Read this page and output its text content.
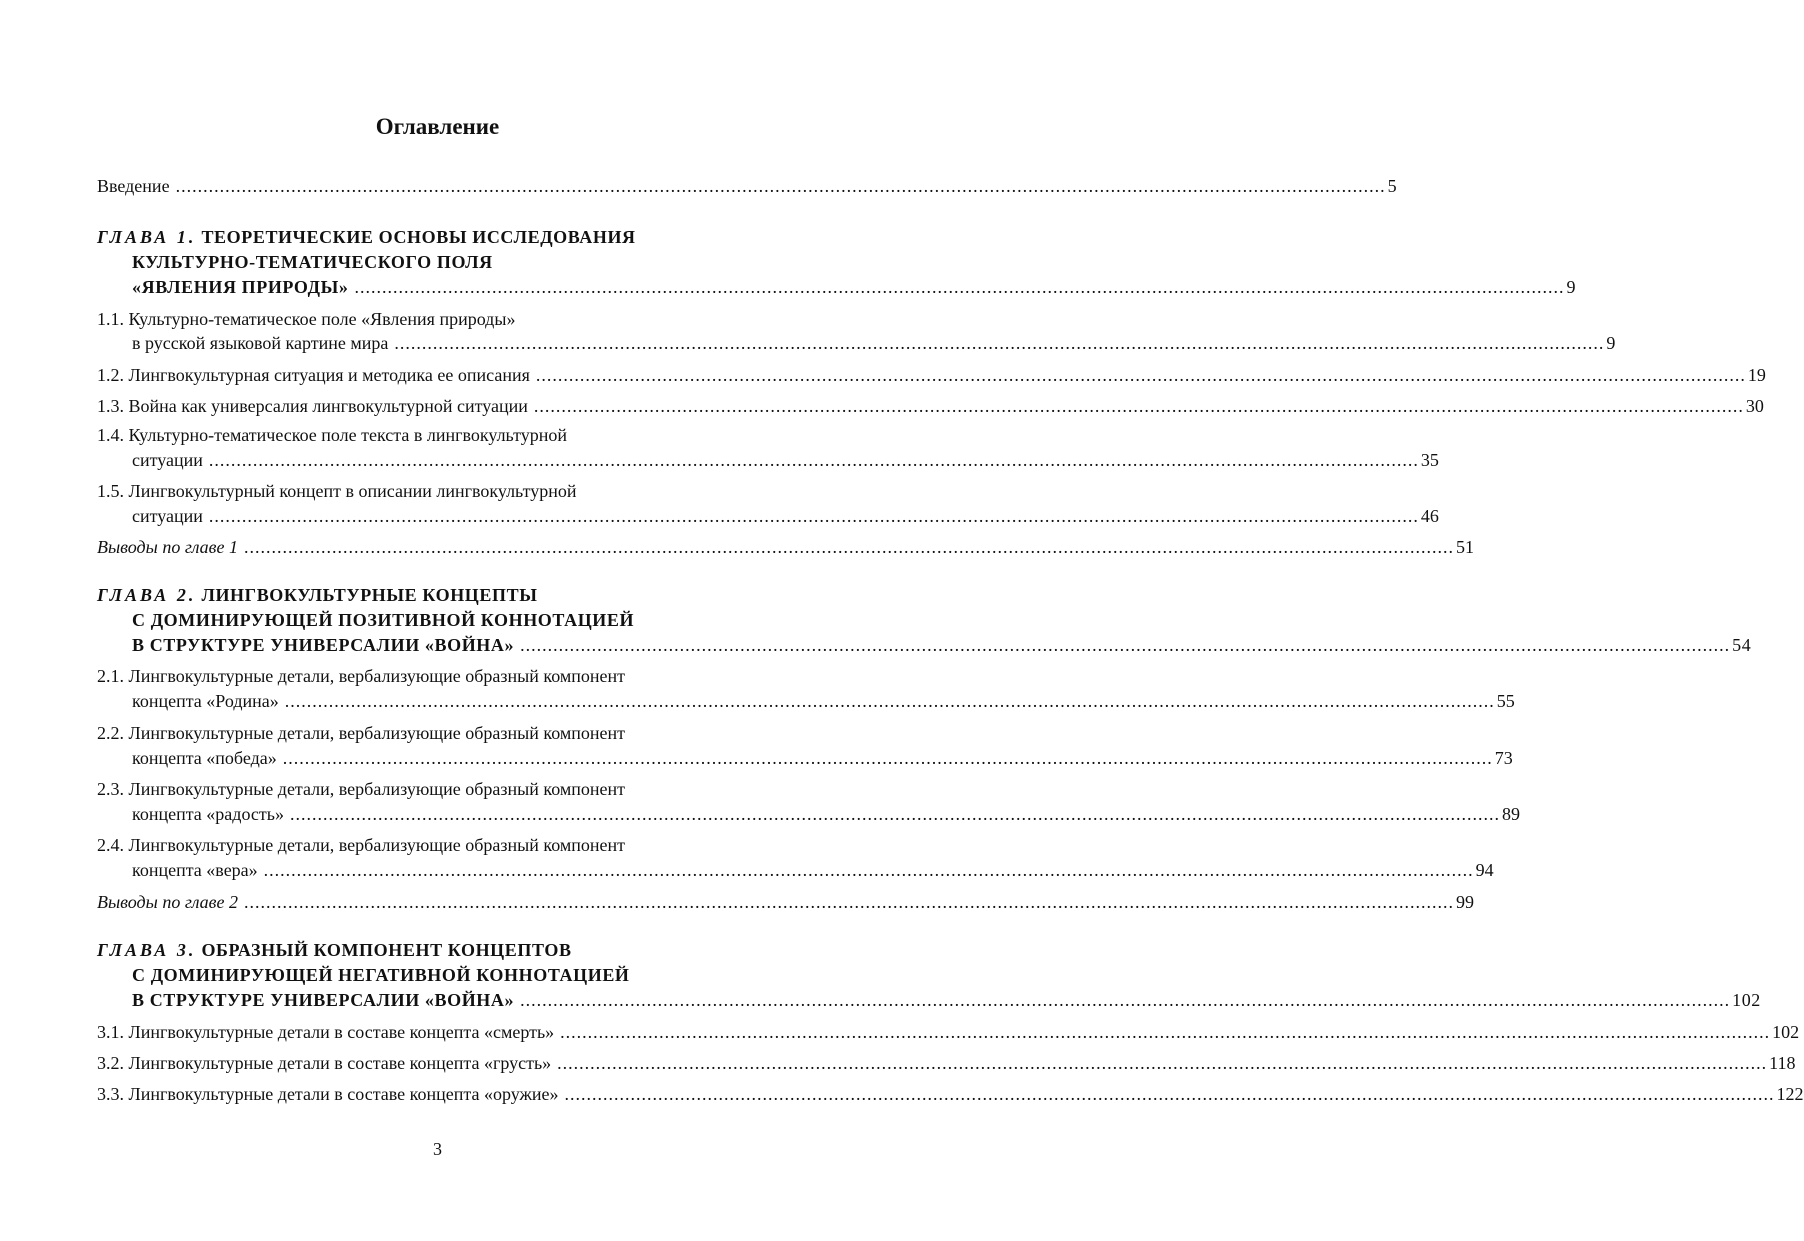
Оглавление
Введение ............................................................................................................................................................................................................................ 5
ГЛАВА 1. ТЕОРЕТИЧЕСКИЕ ОСНОВЫ ИССЛЕДОВАНИЯ
КУЛЬТУРНО-ТЕМАТИЧЕСКОГО ПОЛЯ
«ЯВЛЕНИЯ ПРИРОДЫ» ............................................................................................................................................................................................................................ 9
1.1. Культурно-тематическое поле «Явления природы»
в русской языковой картине мира ............................................................................................................................................................................................................................ 9
1.2. Лингвокультурная ситуация и методика ее описания ............................................................................................................................................................................................................................ 19
1.3. Война как универсалия лингвокультурной ситуации ............................................................................................................................................................................................................................ 30
1.4. Культурно-тематическое поле текста в лингвокультурной
ситуации ............................................................................................................................................................................................................................ 35
1.5. Лингвокультурный концепт в описании лингвокультурной
ситуации ............................................................................................................................................................................................................................ 46
Выводы по главе 1 ............................................................................................................................................................................................................................ 51
ГЛАВА 2. ЛИНГВОКУЛЬТУРНЫЕ КОНЦЕПТЫ
С ДОМИНИРУЮЩЕЙ ПОЗИТИВНОЙ КОННОТАЦИЕЙ
В СТРУКТУРЕ УНИВЕРСАЛИИ «ВОЙНА» ............................................................................................................................................................................................................................ 54
2.1. Лингвокультурные детали, вербализующие образный компонент
концепта «Родина» ............................................................................................................................................................................................................................ 55
2.2. Лингвокультурные детали, вербализующие образный компонент
концепта «победа» ............................................................................................................................................................................................................................ 73
2.3. Лингвокультурные детали, вербализующие образный компонент
концепта «радость» ............................................................................................................................................................................................................................ 89
2.4. Лингвокультурные детали, вербализующие образный компонент
концепта «вера» ............................................................................................................................................................................................................................ 94
Выводы по главе 2 ............................................................................................................................................................................................................................ 99
ГЛАВА 3. ОБРАЗНЫЙ КОМПОНЕНТ КОНЦЕПТОВ
С ДОМИНИРУЮЩЕЙ НЕГАТИВНОЙ КОННОТАЦИЕЙ
В СТРУКТУРЕ УНИВЕРСАЛИИ «ВОЙНА» ............................................................................................................................................................................................................................ 102
3.1. Лингвокультурные детали в составе концепта «смерть» ............................................................................................................................................................................................................................ 102
3.2. Лингвокультурные детали в составе концепта «грусть» ............................................................................................................................................................................................................................ 118
3.3. Лингвокультурные детали в составе концепта «оружие» ............................................................................................................................................................................................................................ 122
3
